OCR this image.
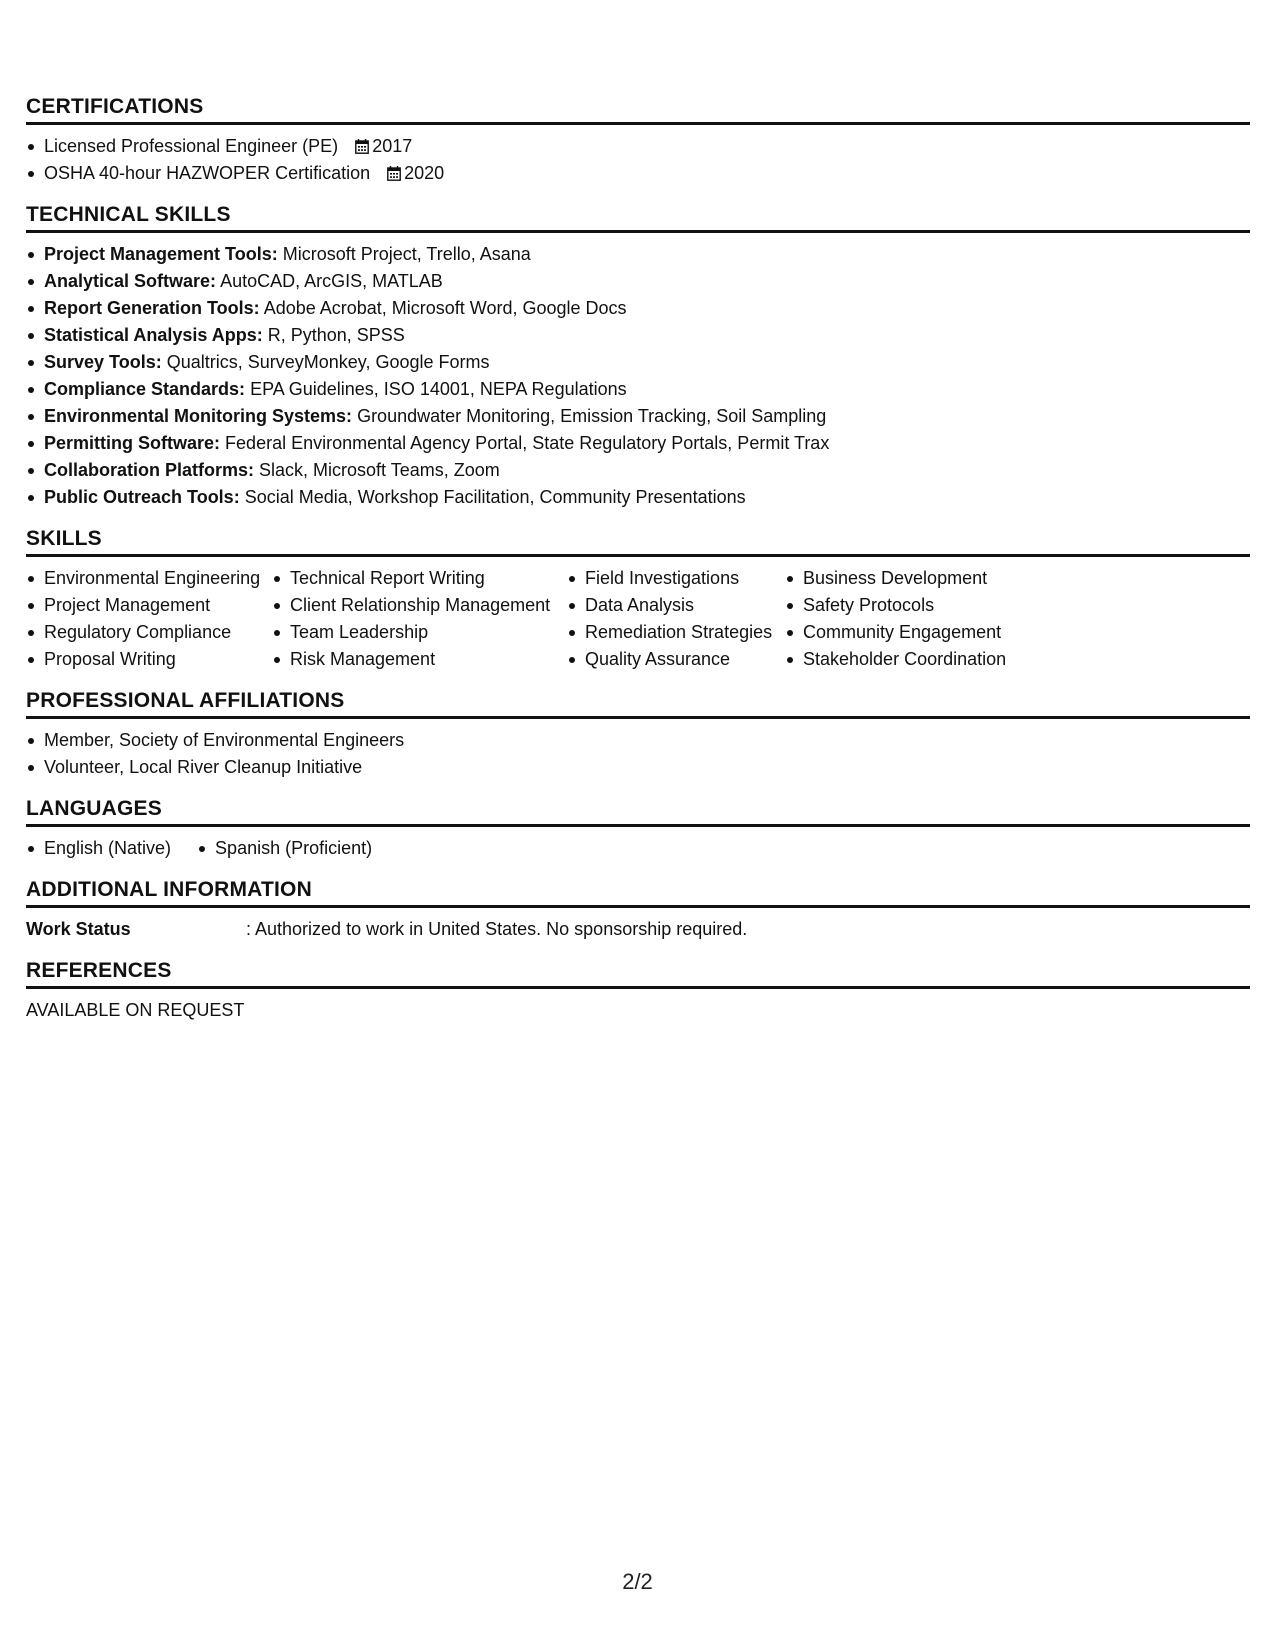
CERTIFICATIONS
Licensed Professional Engineer (PE) 2017
OSHA 40-hour HAZWOPER Certification 2020
TECHNICAL SKILLS
Project Management Tools: Microsoft Project, Trello, Asana
Analytical Software: AutoCAD, ArcGIS, MATLAB
Report Generation Tools: Adobe Acrobat, Microsoft Word, Google Docs
Statistical Analysis Apps: R, Python, SPSS
Survey Tools: Qualtrics, SurveyMonkey, Google Forms
Compliance Standards: EPA Guidelines, ISO 14001, NEPA Regulations
Environmental Monitoring Systems: Groundwater Monitoring, Emission Tracking, Soil Sampling
Permitting Software: Federal Environmental Agency Portal, State Regulatory Portals, Permit Trax
Collaboration Platforms: Slack, Microsoft Teams, Zoom
Public Outreach Tools: Social Media, Workshop Facilitation, Community Presentations
SKILLS
Environmental Engineering
Project Management
Regulatory Compliance
Proposal Writing
Technical Report Writing
Client Relationship Management
Team Leadership
Risk Management
Field Investigations
Data Analysis
Remediation Strategies
Quality Assurance
Business Development
Safety Protocols
Community Engagement
Stakeholder Coordination
PROFESSIONAL AFFILIATIONS
Member, Society of Environmental Engineers
Volunteer, Local River Cleanup Initiative
LANGUAGES
English (Native)	Spanish (Proficient)
ADDITIONAL INFORMATION
Work Status	: Authorized to work in United States. No sponsorship required.
REFERENCES
AVAILABLE ON REQUEST
2/2
